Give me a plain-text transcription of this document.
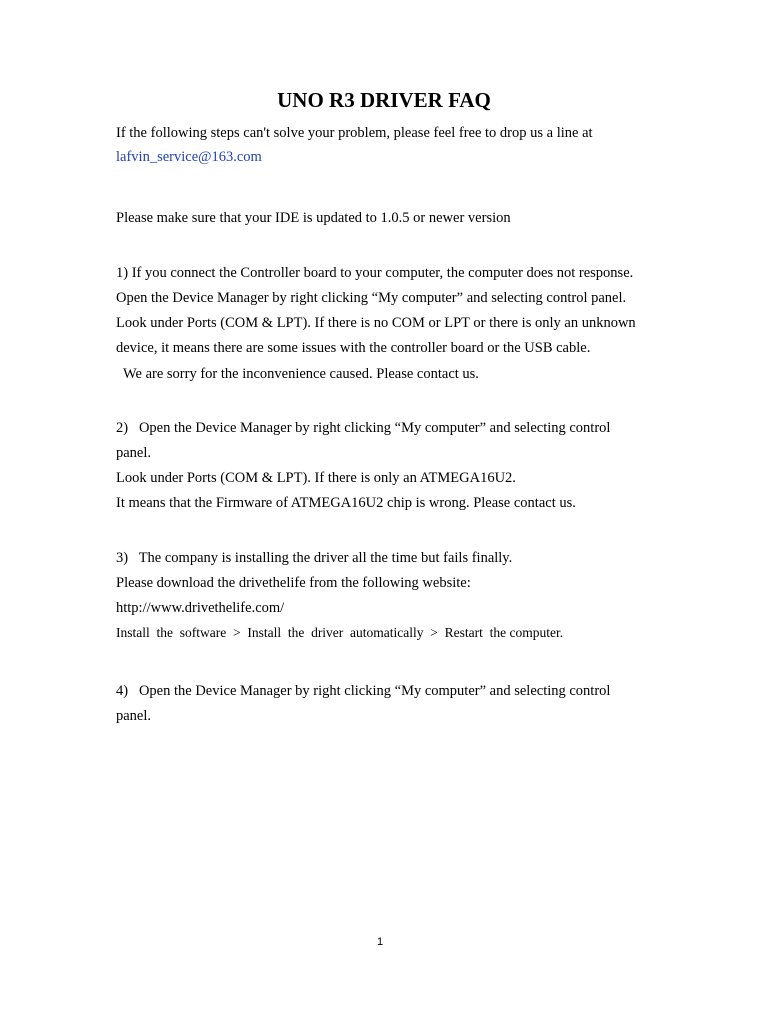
UNO R3 DRIVER FAQ
If the following steps can't solve your problem, please feel free to drop us a line at
lafvin_service@163.com
Please make sure that your IDE is updated to 1.0.5 or newer version
1) If you connect the Controller board to your computer, the computer does not response.
Open the Device Manager by right clicking “My computer” and selecting control panel.
Look under Ports (COM & LPT). If there is no COM or LPT or there is only an unknown
device, it means there are some issues with the controller board or the USB cable.
We are sorry for the inconvenience caused. Please contact us.
2)   Open the Device Manager by right clicking “My computer” and selecting control
panel.
Look under Ports (COM & LPT). If there is only an ATMEGA16U2.
It means that the Firmware of ATMEGA16U2 chip is wrong. Please contact us.
3)   The company is installing the driver all the time but fails finally.
Please download the drivethelife from the following website:
http://www.drivethelife.com/
Install  the  software  >  Install  the  driver  automatically  >  Restart  the computer.
4)   Open the Device Manager by right clicking “My computer” and selecting control
panel.
1
